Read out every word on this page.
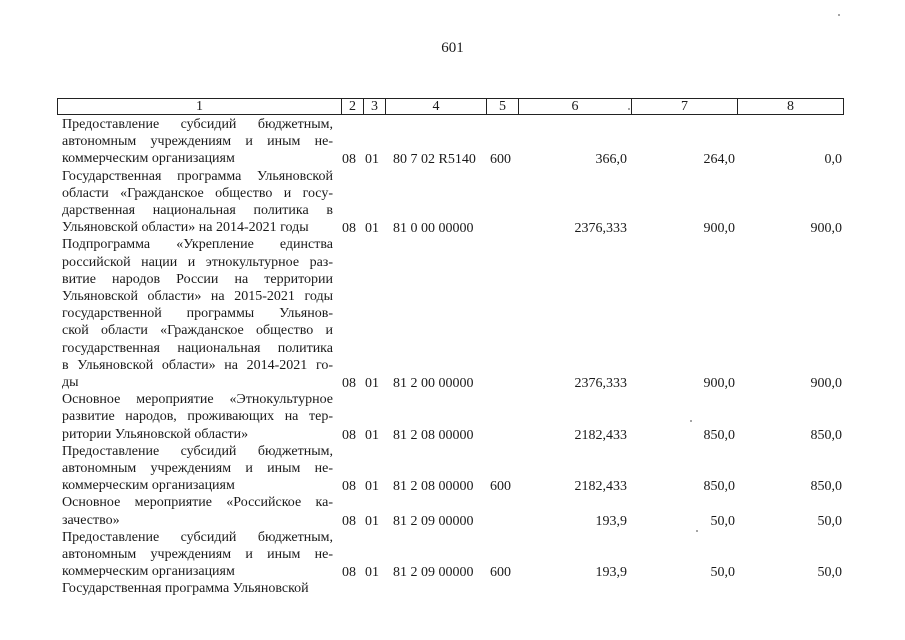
601
1	2	3	4	5	6	7	8
Предоставление субсидий бюджетным,
автономным учреждениям и иным не-
коммерческим организациям	08 01 80 7 02 R5140 600	366,0	264,0	0,0
Государственная программа Ульяновской
области «Гражданское общество и госу-
дарственная национальная политика в
Ульяновской области» на 2014-2021 годы	08 01 81 0 00 00000	2376,333	900,0	900,0
Подпрограмма «Укрепление единства
российской нации и этнокультурное раз-
витие народов России на территории
Ульяновской области» на 2015-2021 годы
государственной программы Ульянов-
ской области «Гражданское общество и
государственная национальная политика
в Ульяновской области» на 2014-2021 го-
ды	08 01 81 2 00 00000	2376,333	900,0	900,0
Основное мероприятие «Этнокультурное
развитие народов, проживающих на тер-
ритории Ульяновской области»	08 01 81 2 08 00000	2182,433	850,0	850,0
Предоставление субсидий бюджетным,
автономным учреждениям и иным не-
коммерческим организациям	08 01 81 2 08 00000 600	2182,433	850,0	850,0
Основное мероприятие «Российское ка-
зачество»	08 01 81 2 09 00000	193,9	50,0	50,0
Предоставление субсидий бюджетным,
автономным учреждениям и иным не-
коммерческим организациям	08 01 81 2 09 00000 600	193,9	50,0	50,0
Государственная программа Ульяновской
